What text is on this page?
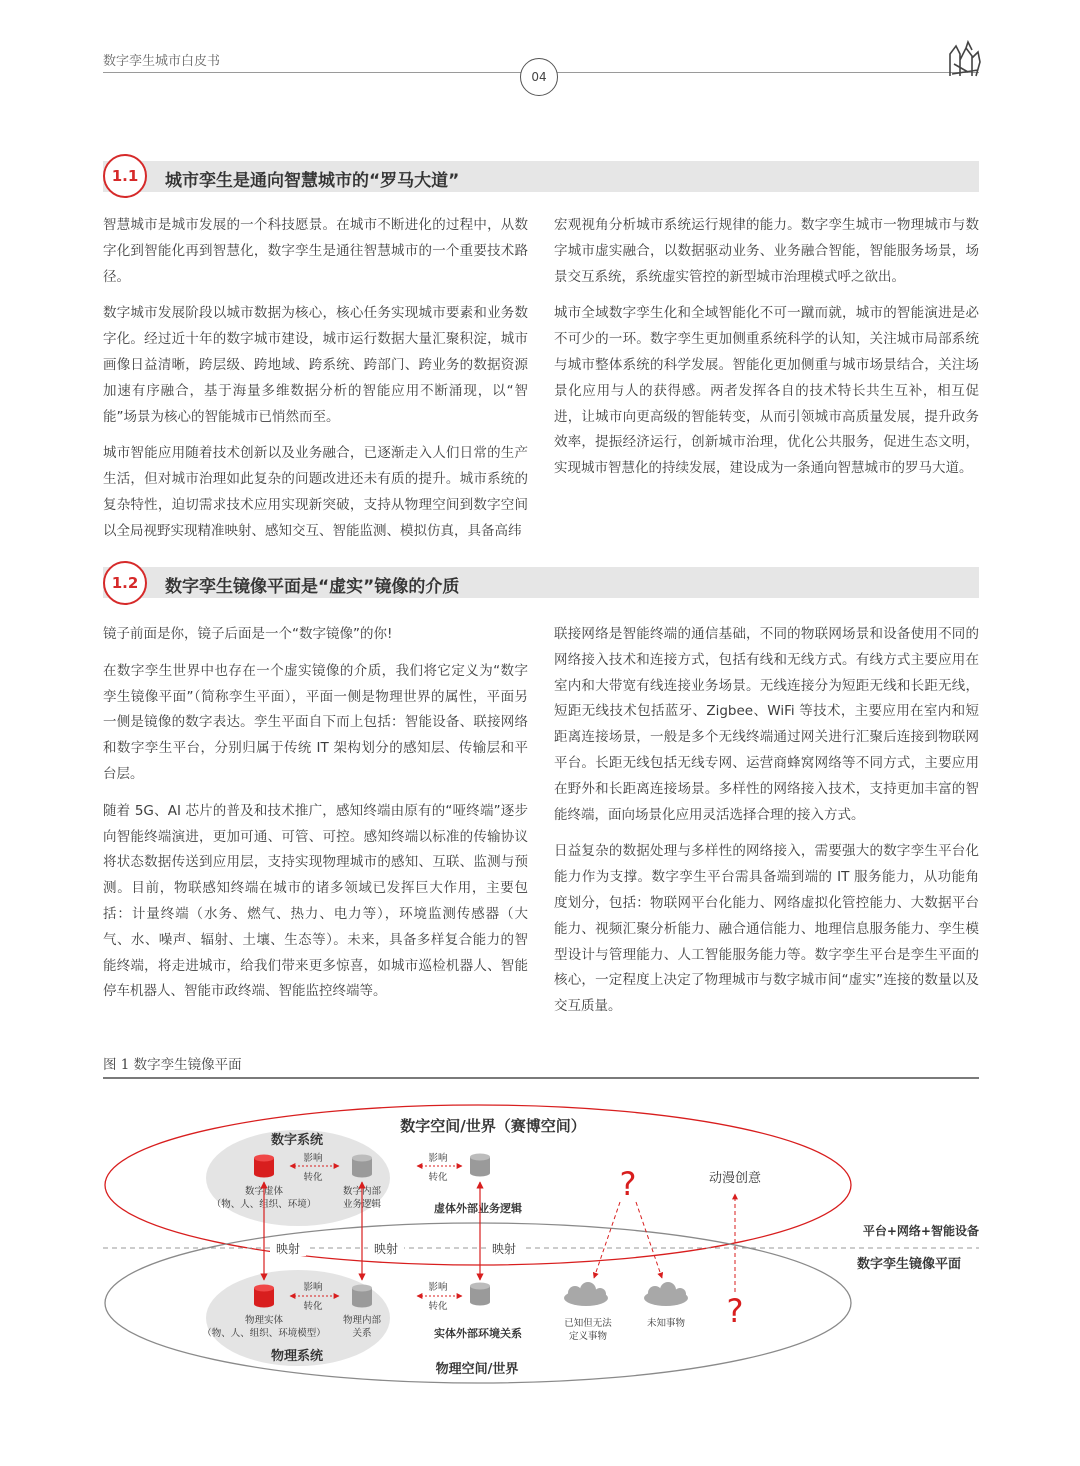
数字孪生城市白皮书
04
1.1	城市孪生是通向智慧城市的“罗马大道”

智慧城市是城市发展的一个科技愿景。在城市不断进化的过程中，从数字化到智能化再到智慧化，数字孪生是通往智慧城市的一个重要技术路径。

数字城市发展阶段以城市数据为核心，核心任务实现城市要素和业务数字化。经过近十年的数字城市建设，城市运行数据大量汇聚积淀，城市画像日益清晰，跨层级、跨地域、跨系统、跨部门、跨业务的数据资源加速有序融合，基于海量多维数据分析的智能应用不断涌现，以“智能”场景为核心的智能城市已悄然而至。

城市智能应用随着技术创新以及业务融合，已逐渐走入人们日常的生产生活，但对城市治理如此复杂的问题改进还未有质的提升。城市系统的复杂特性，迫切需求技术应用实现新突破，支持从物理空间到数字空间以全局视野实现精准映射、感知交互、智能监测、模拟仿真，具备高纬

宏观视角分析城市系统运行规律的能力。数字孪生城市一物理城市与数字城市虚实融合，以数据驱动业务、业务融合智能，智能服务场景，场景交互系统，系统虚实管控的新型城市治理模式呼之欲出。

城市全域数字孪生化和全域智能化不可一蹴而就，城市的智能演进是必不可少的一环。数字孪生更加侧重系统科学的认知，关注城市局部系统与城市整体系统的科学发展。智能化更加侧重与城市场景结合，关注场景化应用与人的获得感。两者发挥各自的技术特长共生互补，相互促进，让城市向更高级的智能转变，从而引领城市高质量发展，提升政务效率，提振经济运行，创新城市治理，优化公共服务，促进生态文明，实现城市智慧化的持续发展，建设成为一条通向智慧城市的罗马大道。

1.2	数字孪生镜像平面是“虚实”镜像的介质

镜子前面是你，镜子后面是一个“数字镜像”的你!

在数字孪生世界中也存在一个虚实镜像的介质，我们将它定义为“数字孪生镜像平面”（简称孪生平面），平面一侧是物理世界的属性，平面另一侧是镜像的数字表达。孪生平面自下而上包括：智能设备、联接网络和数字孪生平台，分别归属于传统 IT 架构划分的感知层、传输层和平台层。

随着 5G、AI 芯片的普及和技术推广，感知终端由原有的“哑终端”逐步向智能终端演进，更加可通、可管、可控。感知终端以标准的传输协议将状态数据传送到应用层，支持实现物理城市的感知、互联、监测与预测。目前，物联感知终端在城市的诸多领域已发挥巨大作用，主要包括：计量终端（水务、燃气、热力、电力等），环境监测传感器（大气、水、噪声、辐射、土壤、生态等）。未来，具备多样复合能力的智能终端，将走进城市，给我们带来更多惊喜，如城市巡检机器人、智能停车机器人、智能市政终端、智能监控终端等。

联接网络是智能终端的通信基础，不同的物联网场景和设备使用不同的网络接入技术和连接方式，包括有线和无线方式。有线方式主要应用在室内和大带宽有线连接业务场景。无线连接分为短距无线和长距无线，短距无线技术包括蓝牙、Zigbee、WiFi 等技术，主要应用在室内和短距离连接场景，一般是多个无线终端通过网关进行汇聚后连接到物联网平台。长距无线包括无线专网、运营商蜂窝网络等不同方式，主要应用在野外和长距离连接场景。多样性的网络接入技术，支持更加丰富的智能终端，面向场景化应用灵活选择合理的接入方式。

日益复杂的数据处理与多样性的网络接入，需要强大的数字孪生平台化能力作为支撑。数字孪生平台需具备端到端的 IT 服务能力，从功能角度划分，包括：物联网平台化能力、网络虚拟化管控能力、大数据平台能力、视频汇聚分析能力、融合通信能力、地理信息服务能力、孪生模型设计与管理能力、人工智能服务能力等。数字孪生平台是孪生平面的核心，一定程度上决定了物理城市与数字城市间“虚实”连接的数量以及交互质量。

图 1 数字孪生镜像平面
数字空间/世界（赛博空间）
物理空间/世界
数字系统
影响
转化
数字虚体
（物、人、组织、环境）
数字内部
业务逻辑
影响
转化
虚体外部业务逻辑
映射	映射	映射
影响
转化
物理实体
（物、人、组织、环境模型）
物理内部
关系
物理系统
影响
转化
实体外部环境关系
?
已知但无法
定义事物
未知事物
动漫创意
?
平台+网络+智能设备
数字孪生镜像平面
